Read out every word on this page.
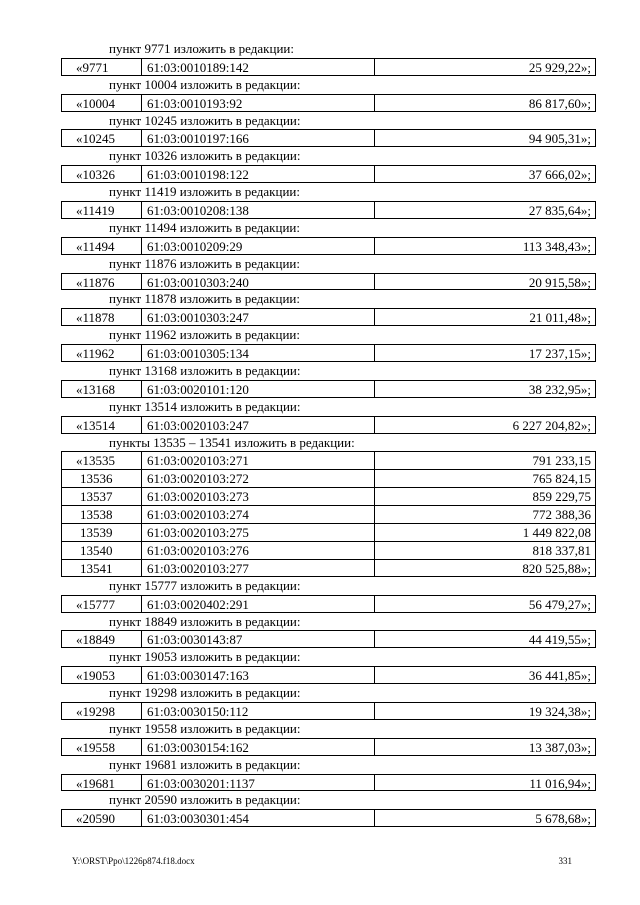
пункт 9771 изложить в редакции:
«9771	61:03:0010189:142	25 929,22»;
пункт 10004 изложить в редакции:
«10004	61:03:0010193:92	86 817,60»;
пункт 10245 изложить в редакции:
«10245	61:03:0010197:166	94 905,31»;
пункт 10326 изложить в редакции:
«10326	61:03:0010198:122	37 666,02»;
пункт 11419 изложить в редакции:
«11419	61:03:0010208:138	27 835,64»;
пункт 11494 изложить в редакции:
«11494	61:03:0010209:29	113 348,43»;
пункт 11876 изложить в редакции:
«11876	61:03:0010303:240	20 915,58»;
пункт 11878 изложить в редакции:
«11878	61:03:0010303:247	21 011,48»;
пункт 11962 изложить в редакции:
«11962	61:03:0010305:134	17 237,15»;
пункт 13168 изложить в редакции:
«13168	61:03:0020101:120	38 232,95»;
пункт 13514 изложить в редакции:
«13514	61:03:0020103:247	6 227 204,82»;
пункты 13535 – 13541 изложить в редакции:
«13535	61:03:0020103:271	791 233,15
13536	61:03:0020103:272	765 824,15
13537	61:03:0020103:273	859 229,75
13538	61:03:0020103:274	772 388,36
13539	61:03:0020103:275	1 449 822,08
13540	61:03:0020103:276	818 337,81
13541	61:03:0020103:277	820 525,88»;
пункт 15777 изложить в редакции:
«15777	61:03:0020402:291	56 479,27»;
пункт 18849 изложить в редакции:
«18849	61:03:0030143:87	44 419,55»;
пункт 19053 изложить в редакции:
«19053	61:03:0030147:163	36 441,85»;
пункт 19298 изложить в редакции:
«19298	61:03:0030150:112	19 324,38»;
пункт 19558 изложить в редакции:
«19558	61:03:0030154:162	13 387,03»;
пункт 19681 изложить в редакции:
«19681	61:03:0030201:1137	11 016,94»;
пункт 20590 изложить в редакции:
«20590	61:03:0030301:454	5 678,68»;
Y:\ORST\Ppo\1226p874.f18.docx	331
